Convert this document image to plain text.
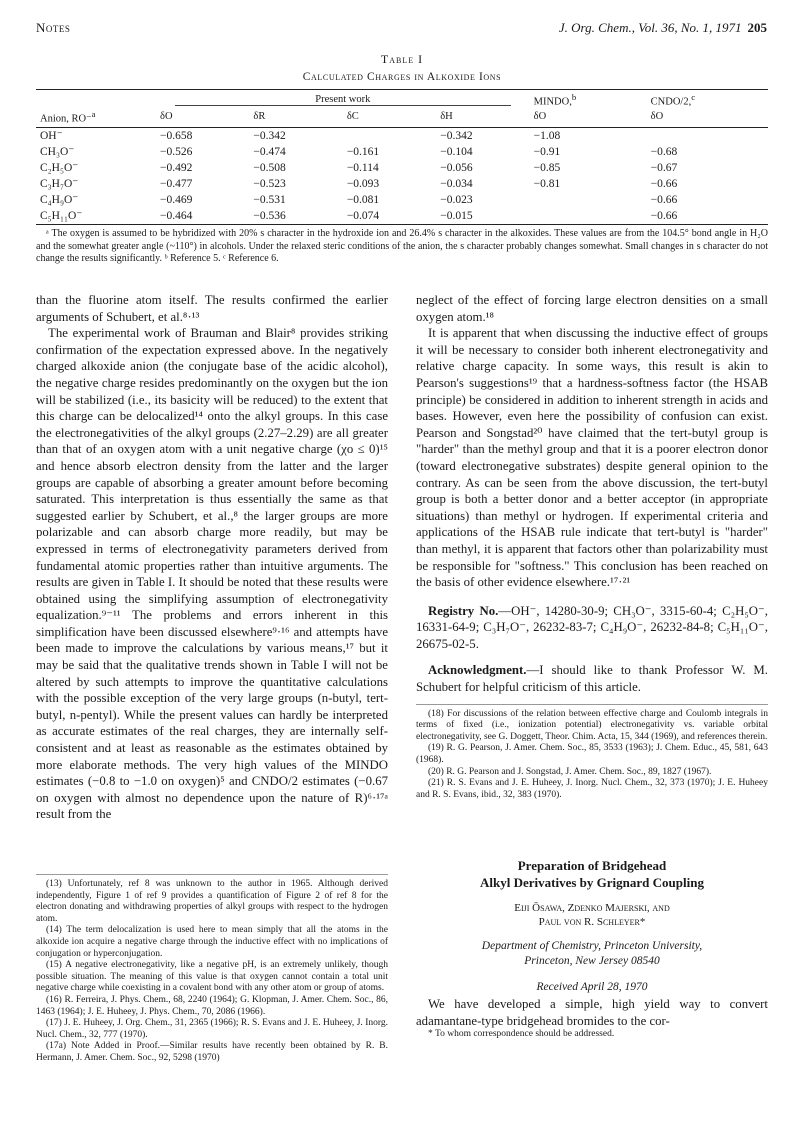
Notes	J. Org. Chem., Vol. 36, No. 1, 1971 205
Table I
Calculated Charges in Alkoxide Ions
	Present work				MINDO,$^b$	CNDO/2,$^c$
Anion, RO⁻$^a$	δO	δR	δC	δH	δO	δO
OH⁻	−0.658	−0.342		−0.342	−1.08	
CH₃O⁻	−0.526	−0.474	−0.161	−0.104	−0.91	−0.68
C₂H₅O⁻	−0.492	−0.508	−0.114	−0.056	−0.85	−0.67
C₃H₇O⁻	−0.477	−0.523	−0.093	−0.034	−0.81	−0.66
C₄H₉O⁻	−0.469	−0.531	−0.081	−0.023		−0.66
C₅H₁₁O⁻	−0.464	−0.536	−0.074	−0.015		−0.66
ᵃ The oxygen is assumed to be hybridized with 20% s character in the hydroxide ion and 26.4% s character in the alkoxides. These values are from the 104.5° bond angle in H₂O and the somewhat greater angle (~110°) in alcohols. Under the relaxed steric conditions of the anion, the s character probably changes somewhat. Small changes in s character do not change the results significantly. ᵇ Reference 5. ᶜ Reference 6.

than the fluorine atom itself. The results confirmed the earlier arguments of Schubert, et al.⁸·¹³

The experimental work of Brauman and Blair⁸ provides striking confirmation of the expectation expressed above. In the negatively charged alkoxide anion (the conjugate base of the acidic alcohol), the negative charge resides predominantly on the oxygen but the ion will be stabilized (i.e., its basicity will be reduced) to the extent that this charge can be delocalized¹⁴ onto the alkyl groups. In this case the electronegativities of the alkyl groups (2.27–2.29) are all greater than that of an oxygen atom with a unit negative charge (χo ≤ 0)¹⁵ and hence absorb electron density from the latter and the larger groups are capable of absorbing a greater amount before becoming saturated. This interpretation is thus essentially the same as that suggested earlier by Schubert, et al.,⁸ the larger groups are more polarizable and can absorb charge more readily, but may be expressed in terms of electronegativity parameters derived from fundamental atomic properties rather than intuitive arguments. The results are given in Table I. It should be noted that these results were obtained using the simplifying assumption of electronegativity equalization.⁹⁻¹¹ The problems and errors inherent in this simplification have been discussed elsewhere⁹·¹⁶ and attempts have been made to improve the calculations by various means,¹⁷ but it may be said that the qualitative trends shown in Table I will not be altered by such attempts to improve the quantitative calculations with the possible exception of the very large groups (n-butyl, tert-butyl, n-pentyl). While the present values can hardly be interpreted as accurate estimates of the real charges, they are internally self-consistent and at least as reasonable as the estimates obtained by more elaborate methods. The very high values of the MINDO estimates (−0.8 to −1.0 on oxygen)⁵ and CNDO/2 estimates (−0.67 on oxygen with almost no dependence upon the nature of R)⁶·¹⁷ᵃ result from the

(13) Unfortunately, ref 8 was unknown to the author in 1965. Although derived independently, Figure 1 of ref 9 provides a quantification of Figure 2 of ref 8 for the electron donating and withdrawing properties of alkyl groups with respect to the hydrogen atom.

(14) The term delocalization is used here to mean simply that all the atoms in the alkoxide ion acquire a negative charge through the inductive effect with no implications of conjugation or hyperconjugation.

(15) A negative electronegativity, like a negative pH, is an extremely unlikely, though possible situation. The meaning of this value is that oxygen cannot contain a total unit negative charge while coexisting in a covalent bond with any other atom or group of atoms.

(16) R. Ferreira, J. Phys. Chem., 68, 2240 (1964); G. Klopman, J. Amer. Chem. Soc., 86, 1463 (1964); J. E. Huheey, J. Phys. Chem., 70, 2086 (1966).

(17) J. E. Huheey, J. Org. Chem., 31, 2365 (1966); R. S. Evans and J. E. Huheey, J. Inorg. Nucl. Chem., 32, 777 (1970).

(17a) Note Added in Proof.—Similar results have recently been obtained by R. B. Hermann, J. Amer. Chem. Soc., 92, 5298 (1970)

neglect of the effect of forcing large electron densities on a small oxygen atom.¹⁸

It is apparent that when discussing the inductive effect of groups it will be necessary to consider both inherent electronegativity and relative charge capacity. In some ways, this result is akin to Pearson's suggestions¹⁹ that a hardness-softness factor (the HSAB principle) be considered in addition to inherent strength in acids and bases. However, even here the possibility of confusion can exist. Pearson and Songstad²⁰ have claimed that the tert-butyl group is "harder" than the methyl group and that it is a poorer electron donor (toward electronegative substrates) despite general opinion to the contrary. As can be seen from the above discussion, the tert-butyl group is both a better donor and a better acceptor (in appropriate situations) than methyl or hydrogen. If experimental criteria and applications of the HSAB rule indicate that tert-butyl is "harder" than methyl, it is apparent that factors other than polarizability must be responsible for "softness." This conclusion has been reached on the basis of other evidence elsewhere.¹⁷·²¹

Registry No.—OH⁻, 14280-30-9; CH₃O⁻, 3315-60-4; C₂H₅O⁻, 16331-64-9; C₃H₇O⁻, 26232-83-7; C₄H₉O⁻, 26232-84-8; C₅H₁₁O⁻, 26675-02-5.

Acknowledgment.—I should like to thank Professor W. M. Schubert for helpful criticism of this article.

(18) For discussions of the relation between effective charge and Coulomb integrals in terms of fixed (i.e., ionization potential) electronegativity vs. variable orbital electronegativity, see G. Doggett, Theor. Chim. Acta, 15, 344 (1969), and references therein.

(19) R. G. Pearson, J. Amer. Chem. Soc., 85, 3533 (1963); J. Chem. Educ., 45, 581, 643 (1968).

(20) R. G. Pearson and J. Songstad, J. Amer. Chem. Soc., 89, 1827 (1967).

(21) R. S. Evans and J. E. Huheey, J. Inorg. Nucl. Chem., 32, 373 (1970); J. E. Huheey and R. S. Evans, ibid., 32, 383 (1970).

Preparation of Bridgehead
Alkyl Derivatives by Grignard Coupling
Eiji Ōsawa, Zdenko Majerski, and
Paul von R. Schleyer*
Department of Chemistry, Princeton University,
Princeton, New Jersey 08540
Received April 28, 1970

We have developed a simple, high yield way to convert adamantane-type bridgehead bromides to the cor-

* To whom correspondence should be addressed.
